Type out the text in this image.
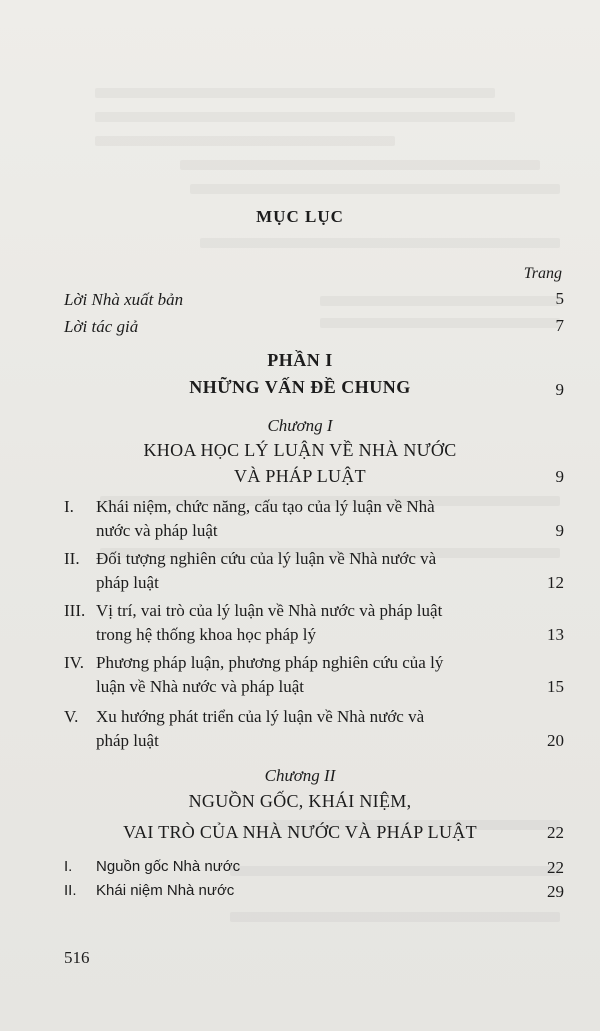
MỤC LỤC
Trang
Lời Nhà xuất bản	5
Lời tác giả	7
PHẦN I
NHỮNG VẤN ĐỀ CHUNG	9
Chương I
KHOA HỌC LÝ LUẬN VỀ NHÀ NƯỚC
VÀ PHÁP LUẬT	9
I. Khái niệm, chức năng, cấu tạo của lý luận về Nhà
nước và pháp luật	9
II. Đối tượng nghiên cứu của lý luận về Nhà nước và
pháp luật	12
III. Vị trí, vai trò của lý luận về Nhà nước và pháp luật
trong hệ thống khoa học pháp lý	13
IV. Phương pháp luận, phương pháp nghiên cứu của lý
luận về Nhà nước và pháp luật	15
V. Xu hướng phát triển của lý luận về Nhà nước và
pháp luật	20
Chương II
NGUỒN GỐC, KHÁI NIỆM,
VAI TRÒ CỦA NHÀ NƯỚC VÀ PHÁP LUẬT	22
I. Nguồn gốc Nhà nước	22
II. Khái niệm Nhà nước	29
516
